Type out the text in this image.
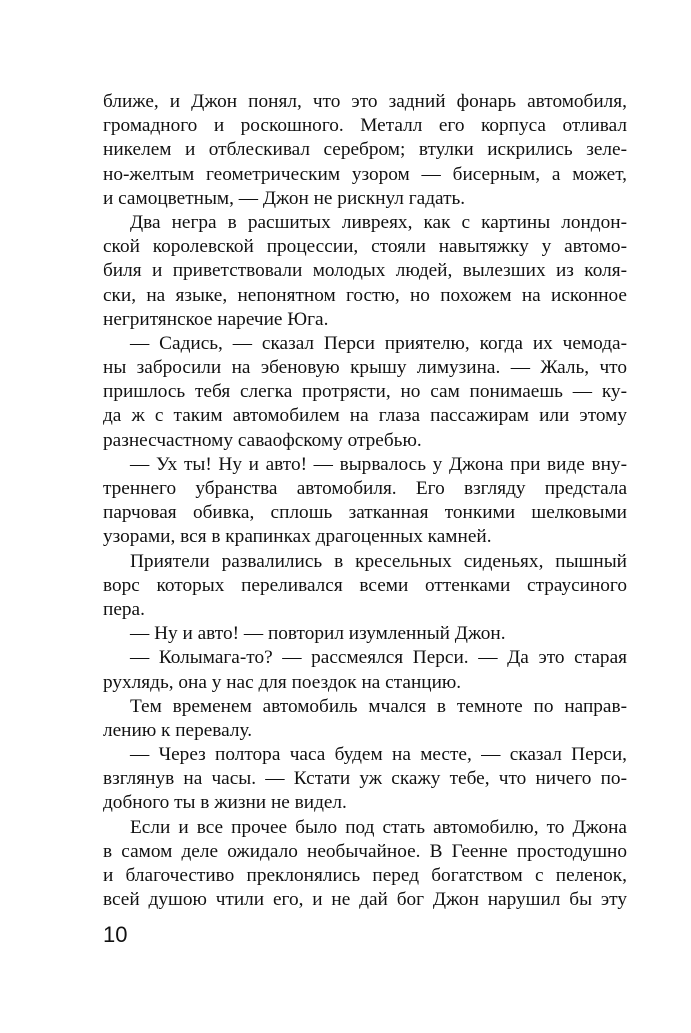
ближе, и Джон понял, что это задний фонарь автомобиля,
громадного и роскошного. Металл его корпуса отливал
никелем и отблескивал серебром; втулки искрились зеле-
но-желтым геометрическим узором — бисерным, а может,
и самоцветным, — Джон не рискнул гадать.
Два негра в расшитых ливреях, как с картины лондон-
ской королевской процессии, стояли навытяжку у автомо-
биля и приветствовали молодых людей, вылезших из коля-
ски, на языке, непонятном гостю, но похожем на исконное
негритянское наречие Юга.
— Садись, — сказал Перси приятелю, когда их чемода-
ны забросили на эбеновую крышу лимузина. — Жаль, что
пришлось тебя слегка протрясти, но сам понимаешь — ку-
да ж с таким автомобилем на глаза пассажирам или этому
разнесчастному саваофскому отребью.
— Ух ты! Ну и авто! — вырвалось у Джона при виде вну-
треннего убранства автомобиля. Его взгляду предстала
парчовая обивка, сплошь затканная тонкими шелковыми
узорами, вся в крапинках драгоценных камней.
Приятели развалились в кресельных сиденьях, пышный
ворс которых переливался всеми оттенками страусиного
пера.
— Ну и авто! — повторил изумленный Джон.
— Колымага-то? — рассмеялся Перси. — Да это старая
рухлядь, она у нас для поездок на станцию.
Тем временем автомобиль мчался в темноте по направ-
лению к перевалу.
— Через полтора часа будем на месте, — сказал Перси,
взглянув на часы. — Кстати уж скажу тебе, что ничего по-
добного ты в жизни не видел.
Если и все прочее было под стать автомобилю, то Джона
в самом деле ожидало необычайное. В Геенне простодушно
и благочестиво преклонялись перед богатством с пеленок,
всей душою чтили его, и не дай бог Джон нарушил бы эту
10
